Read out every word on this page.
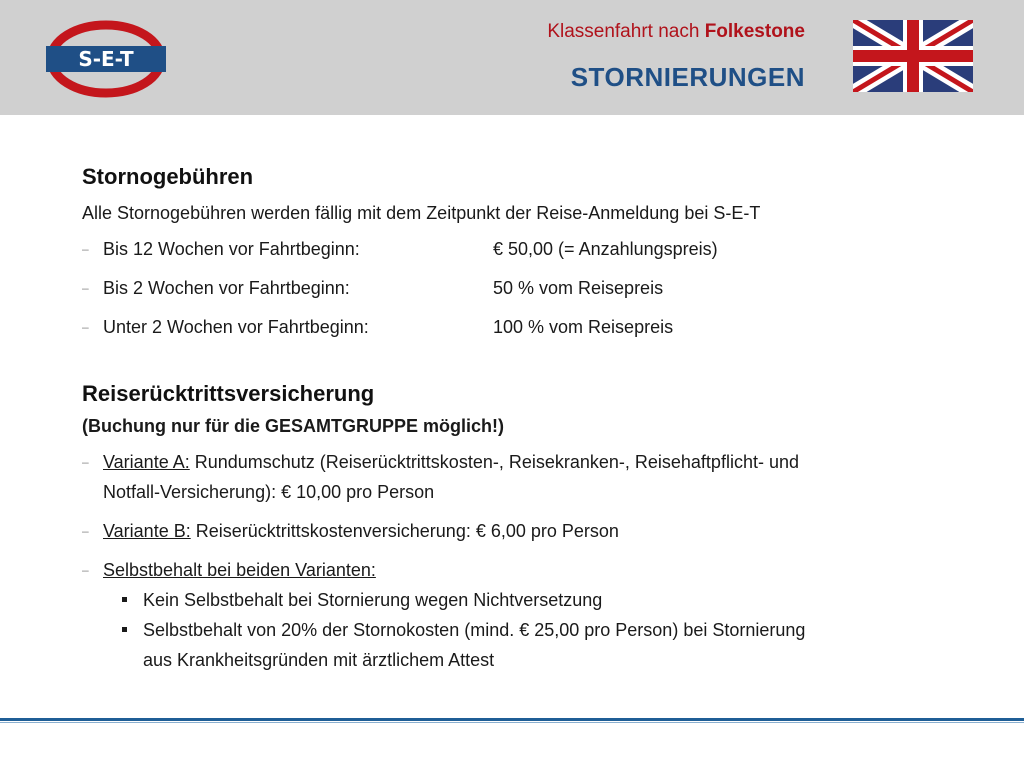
S-E-T
Klassenfahrt nach Folkestone
STORNIERUNGEN
Stornogebühren

Alle Stornogebühren werden fällig mit dem Zeitpunkt der Reise-Anmeldung bei S-E-T

– Bis 12 Wochen vor Fahrtbeginn:	€ 50,00 (= Anzahlungspreis)
– Bis 2 Wochen vor Fahrtbeginn:	50 % vom Reisepreis
– Unter 2 Wochen vor Fahrtbeginn:	100 % vom Reisepreis
Reiserücktrittsversicherung

(Buchung nur für die GESAMTGRUPPE möglich!)

– Variante A: Rundumschutz (Reiserücktrittskosten-, Reisekranken-, Reisehaftpflicht- und
Notfall-Versicherung): € 10,00 pro Person
– Variante B: Reiserücktrittskostenversicherung: € 6,00 pro Person
– Selbstbehalt bei beiden Varianten:
Kein Selbstbehalt bei Stornierung wegen Nichtversetzung
Selbstbehalt von 20% der Stornokosten (mind. € 25,00 pro Person) bei Stornierung
aus Krankheitsgründen mit ärztlichem Attest
